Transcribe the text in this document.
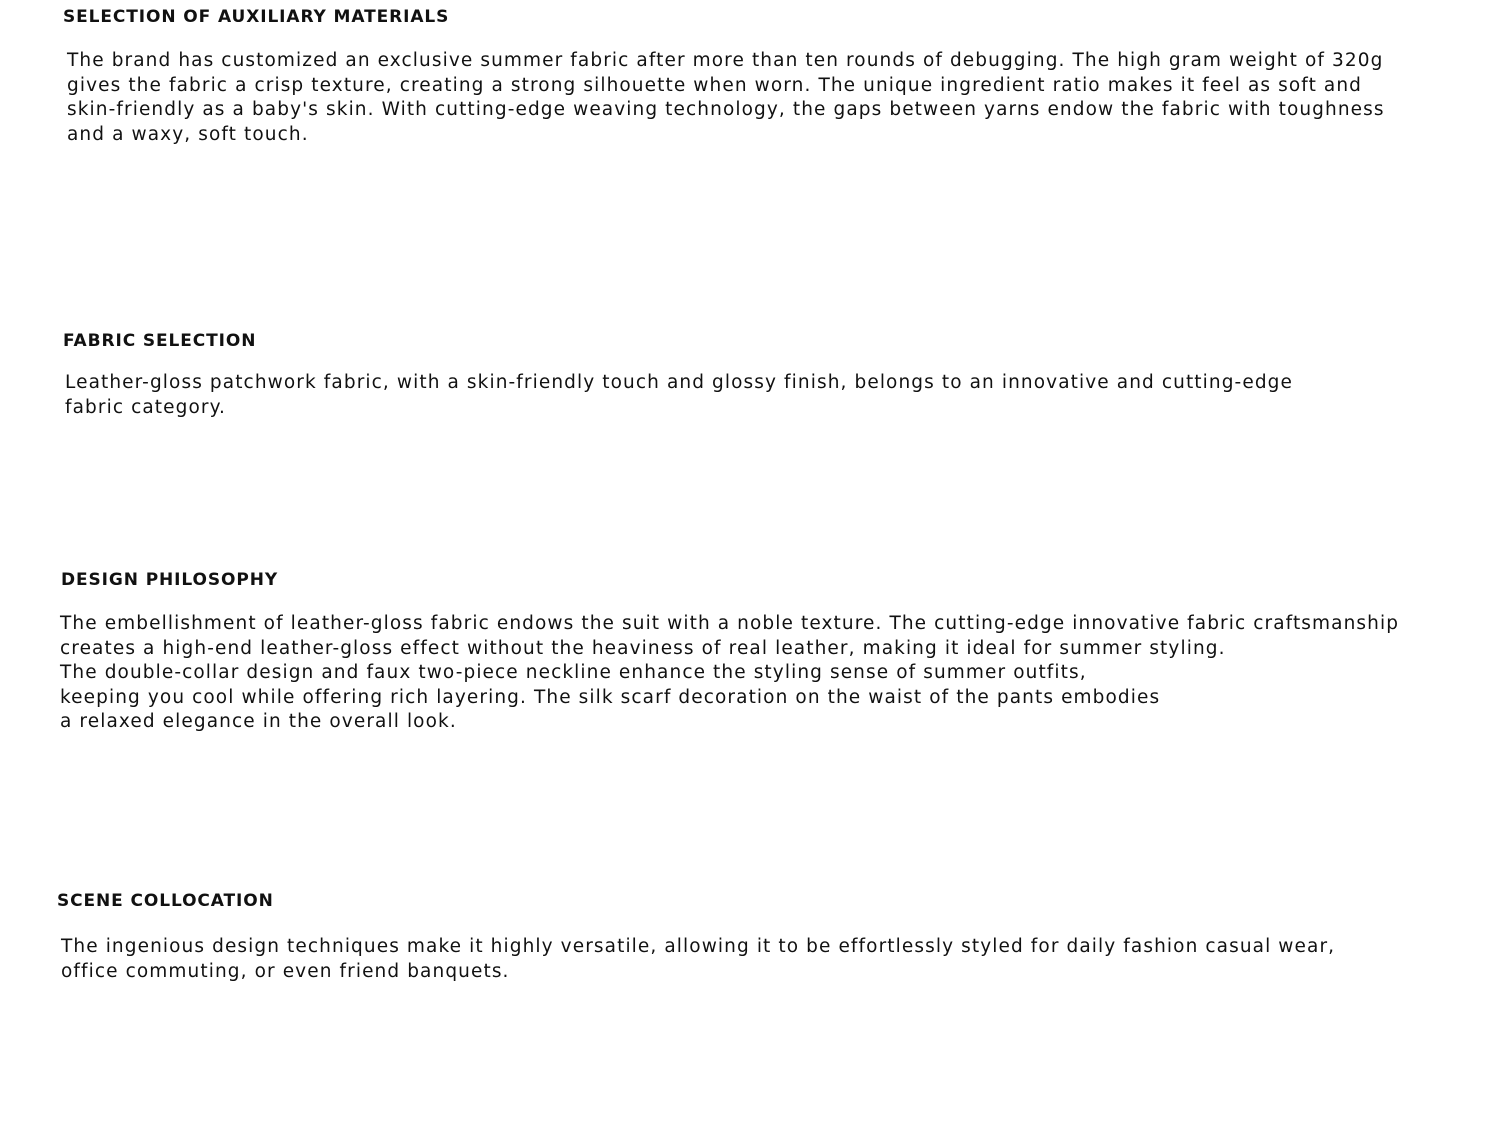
SELECTION OF AUXILIARY MATERIALS

The brand has customized an exclusive summer fabric after more than ten rounds of debugging. The high gram weight of 320g
gives the fabric a crisp texture, creating a strong silhouette when worn. The unique ingredient ratio makes it feel as soft and
skin-friendly as a baby's skin. With cutting-edge weaving technology, the gaps between yarns endow the fabric with toughness
and a waxy, soft touch.

FABRIC SELECTION

Leather-gloss patchwork fabric, with a skin-friendly touch and glossy finish, belongs to an innovative and cutting-edge
fabric category.

DESIGN PHILOSOPHY

The embellishment of leather-gloss fabric endows the suit with a noble texture. The cutting-edge innovative fabric craftsmanship
creates a high-end leather-gloss effect without the heaviness of real leather, making it ideal for summer styling.
The double-collar design and faux two-piece neckline enhance the styling sense of summer outfits,
keeping you cool while offering rich layering. The silk scarf decoration on the waist of the pants embodies
a relaxed elegance in the overall look.

SCENE COLLOCATION

The ingenious design techniques make it highly versatile, allowing it to be effortlessly styled for daily fashion casual wear,
office commuting, or even friend banquets.
